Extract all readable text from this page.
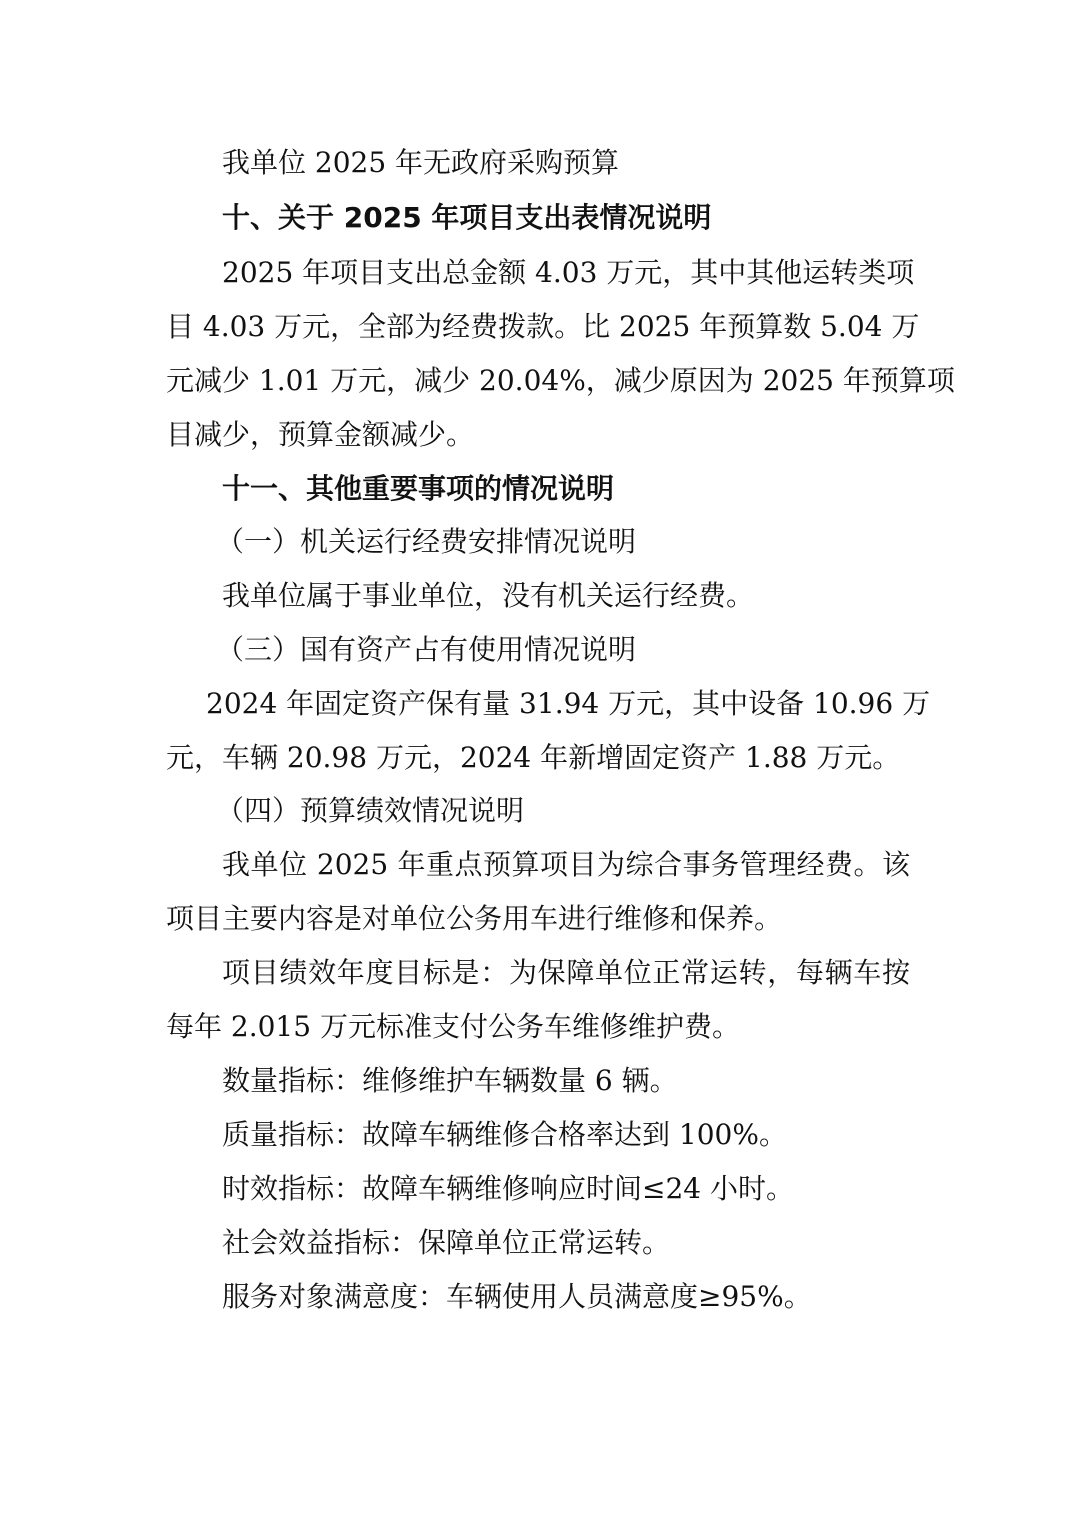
我单位 2025 年无政府采购预算
十、关于 2025 年项目支出表情况说明
2025 年项目支出总金额 4.03 万元，其中其他运转类项
目 4.03 万元，全部为经费拨款。比 2025 年预算数 5.04 万
元减少 1.01 万元，减少 20.04%，减少原因为 2025 年预算项
目减少，预算金额减少。
十一、其他重要事项的情况说明
（一）机关运行经费安排情况说明
我单位属于事业单位，没有机关运行经费。
（三）国有资产占有使用情况说明
2024 年固定资产保有量 31.94 万元，其中设备 10.96 万
元，车辆 20.98 万元，2024 年新增固定资产 1.88 万元。
（四）预算绩效情况说明
我单位 2025 年重点预算项目为综合事务管理经费。该
项目主要内容是对单位公务用车进行维修和保养。
项目绩效年度目标是：为保障单位正常运转，每辆车按
每年 2.015 万元标准支付公务车维修维护费。
数量指标：维修维护车辆数量 6 辆。
质量指标：故障车辆维修合格率达到 100%。
时效指标：故障车辆维修响应时间≤24 小时。
社会效益指标：保障单位正常运转。
服务对象满意度：车辆使用人员满意度≥95%。
